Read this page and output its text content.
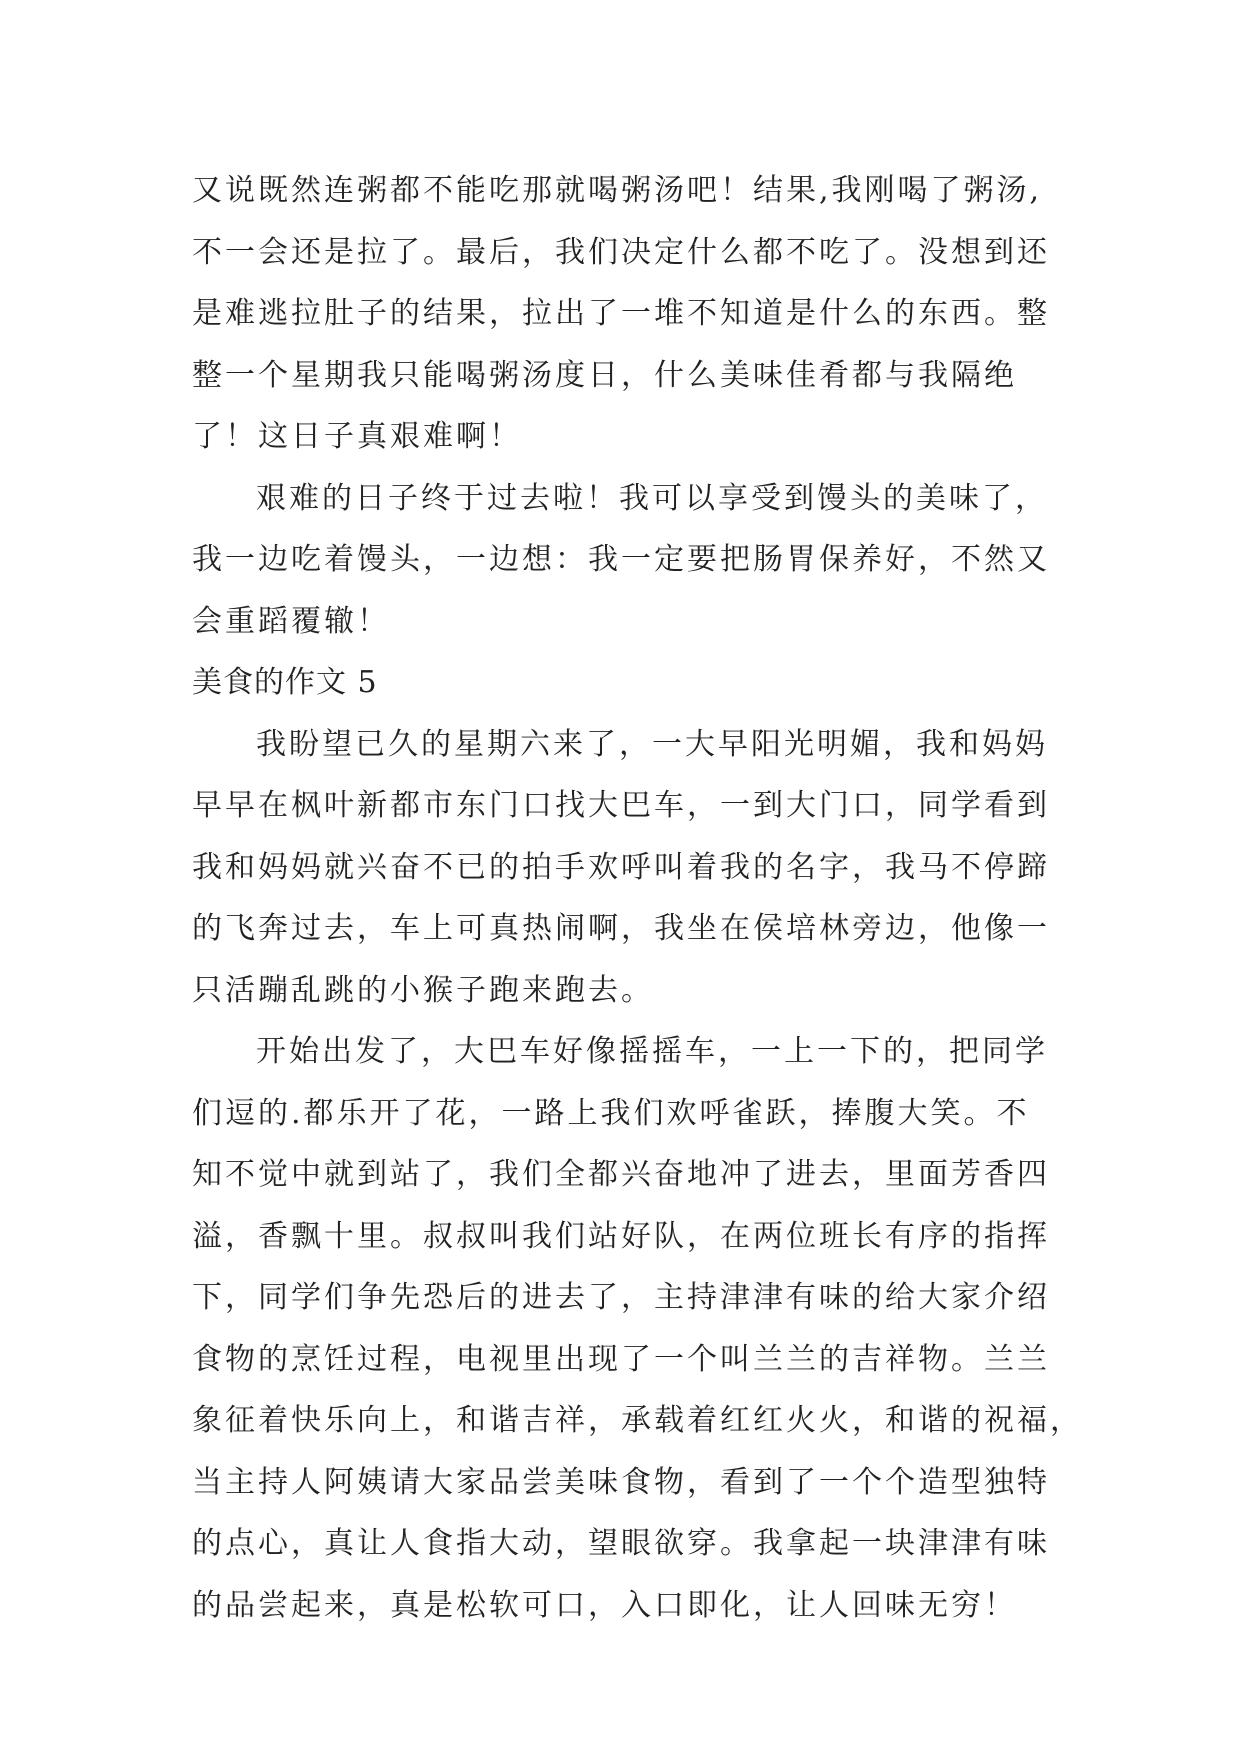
又说既然连粥都不能吃那就喝粥汤吧！结果,我刚喝了粥汤,
不一会还是拉了。最后，我们决定什么都不吃了。没想到还
是难逃拉肚子的结果，拉出了一堆不知道是什么的东西。整
整一个星期我只能喝粥汤度日，什么美味佳肴都与我隔绝
了！这日子真艰难啊！
艰难的日子终于过去啦！我可以享受到馒头的美味了，
我一边吃着馒头，一边想：我一定要把肠胃保养好，不然又
会重蹈覆辙！
美食的作文 5
我盼望已久的星期六来了，一大早阳光明媚，我和妈妈
早早在枫叶新都市东门口找大巴车，一到大门口，同学看到
我和妈妈就兴奋不已的拍手欢呼叫着我的名字，我马不停蹄
的飞奔过去，车上可真热闹啊，我坐在侯培林旁边，他像一
只活蹦乱跳的小猴子跑来跑去。
开始出发了，大巴车好像摇摇车，一上一下的，把同学
们逗的.都乐开了花，一路上我们欢呼雀跃，捧腹大笑。不
知不觉中就到站了，我们全都兴奋地冲了进去，里面芳香四
溢，香飘十里。叔叔叫我们站好队，在两位班长有序的指挥
下，同学们争先恐后的进去了，主持津津有味的给大家介绍
食物的烹饪过程，电视里出现了一个叫兰兰的吉祥物。兰兰
象征着快乐向上，和谐吉祥，承载着红红火火，和谐的祝福，
当主持人阿姨请大家品尝美味食物，看到了一个个造型独特
的点心，真让人食指大动，望眼欲穿。我拿起一块津津有味
的品尝起来，真是松软可口，入口即化，让人回味无穷！
